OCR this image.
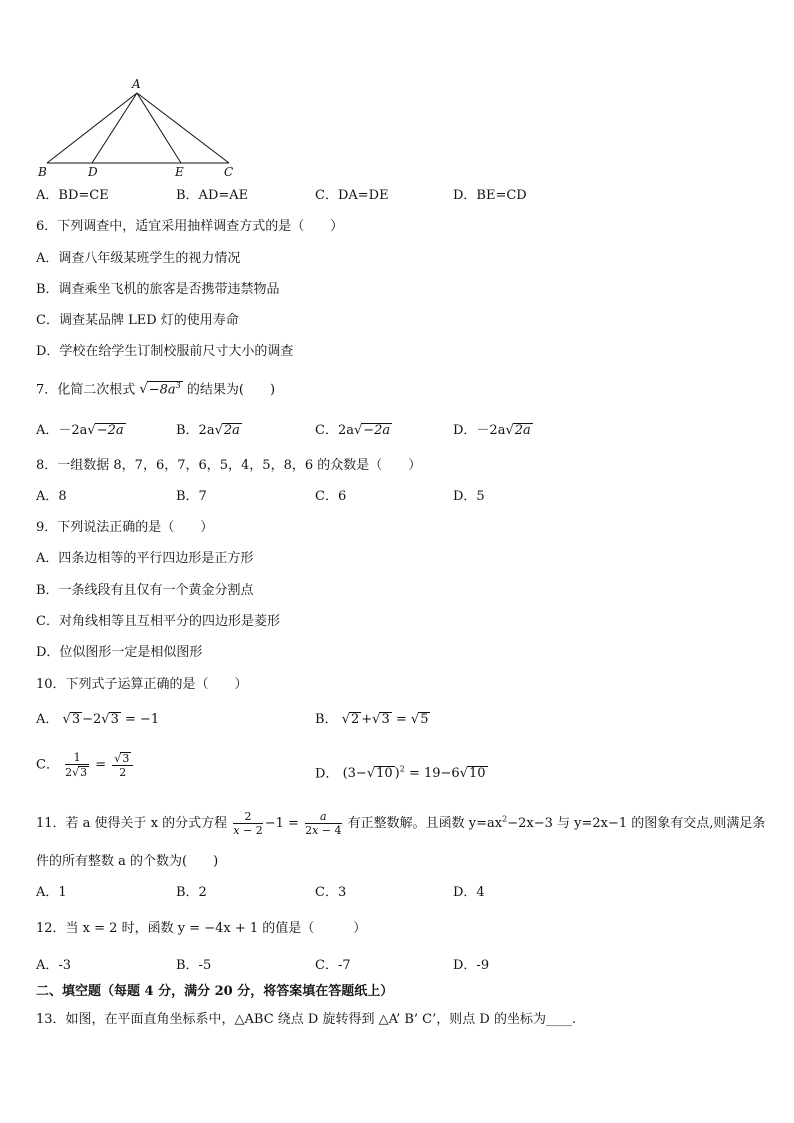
A
B	D	E	C
A．BD=CE	B．AD=AE	C．DA=DE	D．BE=CD
6．下列调查中，适宜采用抽样调查方式的是（　　）
A．调查八年级某班学生的视力情况
B．调查乘坐飞机的旅客是否携带违禁物品
C．调查某品牌 LED 灯的使用寿命
D．学校在给学生订制校服前尺寸大小的调查
7．化简二次根式 $√-8a^3$ 的结果为(　　)
A．－2a√−2a	B．2a√2a	C．2a√−2a	D．－2a√2a
8．一组数据 8，7，6，7，6，5，4，5，8，6 的众数是（　　）
A．8	B．7	C．6	D．5
9．下列说法正确的是（　　）
A．四条边相等的平行四边形是正方形
B．一条线段有且仅有一个黄金分割点
C．对角线相等且互相平分的四边形是菱形
D．位似图形一定是相似图形
10．下列式子运算正确的是（　　）
A． √3 −2√3 = −1	B． √2 +√3 = √5
C． $\frac{1}{2√3} = \frac{√3}{2}$	D． (3−√10 )$^2$ = 19−6√10
11．若 a 使得关于 x 的分式方程 $\frac{2}{x - 2} -1 = \frac{a}{2x - 4}$ 有正整数解。且函数 $y=ax^2-2x-3$ 与 y=2x−1 的图象有交点,则满足条
件的所有整数 a 的个数为(　　)
A．1	B．2	C．3	D．4
12．当 x = 2 时，函数 y = −4x + 1 的值是（　　　）
A．-3	B．-5	C．-7	D．-9
二、填空题（每题 4 分，满分 20 分，将答案填在答题纸上）
13．如图，在平面直角坐标系中，△ABC 绕点 D 旋转得到 △A’ B’ C’，则点 D 的坐标为____.
